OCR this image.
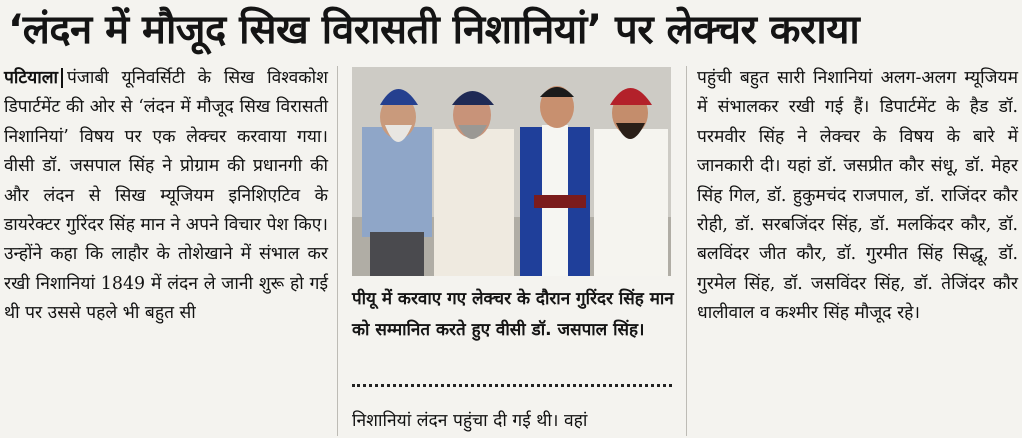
‘लंदन में मौजूद सिख विरासती निशानियां’ पर लेक्चर कराया
पटियाला पंजाबी यूनिवर्सिटी के सिख विश्वकोश डिपार्टमेंट की ओर से ‘लंदन में मौजूद सिख विरासती निशानियां’ विषय पर एक लेक्चर करवाया गया। वीसी डॉ. जसपाल सिंह ने प्रोग्राम की प्रधानगी की और लंदन से सिख म्यूजियम इनिशिएटिव के डायरेक्टर गुरिंदर सिंह मान ने अपने विचार पेश किए। उन्होंने कहा कि लाहौर के तोशेखाने में संभाल कर रखी निशानियां 1849 में लंदन ले जानी शुरू हो गई थी पर उससे पहले भी बहुत सी
पीयू में करवाए गए लेक्चर के दौरान गुरिंदर सिंह मान को सम्मानित करते हुए वीसी डॉ. जसपाल सिंह।
निशानियां लंदन पहुंचा दी गई थी। वहां
पहुंची बहुत सारी निशानियां अलग-अलग म्यूजियम में संभालकर रखी गई हैं। डिपार्टमेंट के हैड डॉ. परमवीर सिंह ने लेक्चर के विषय के बारे में जानकारी दी। यहां डॉ. जसप्रीत कौर संधू, डॉ. मेहर सिंह गिल, डॉ. हुकुमचंद राजपाल, डॉ. राजिंदर कौर रोही, डॉ. सरबजिंदर सिंह, डॉ. मलकिंदर कौर, डॉ. बलविंदर जीत कौर, डॉ. गुरमीत सिंह सिद्धू, डॉ. गुरमेल सिंह, डॉ. जसविंदर सिंह, डॉ. तेजिंदर कौर धालीवाल व कश्मीर सिंह मौजूद रहे।
